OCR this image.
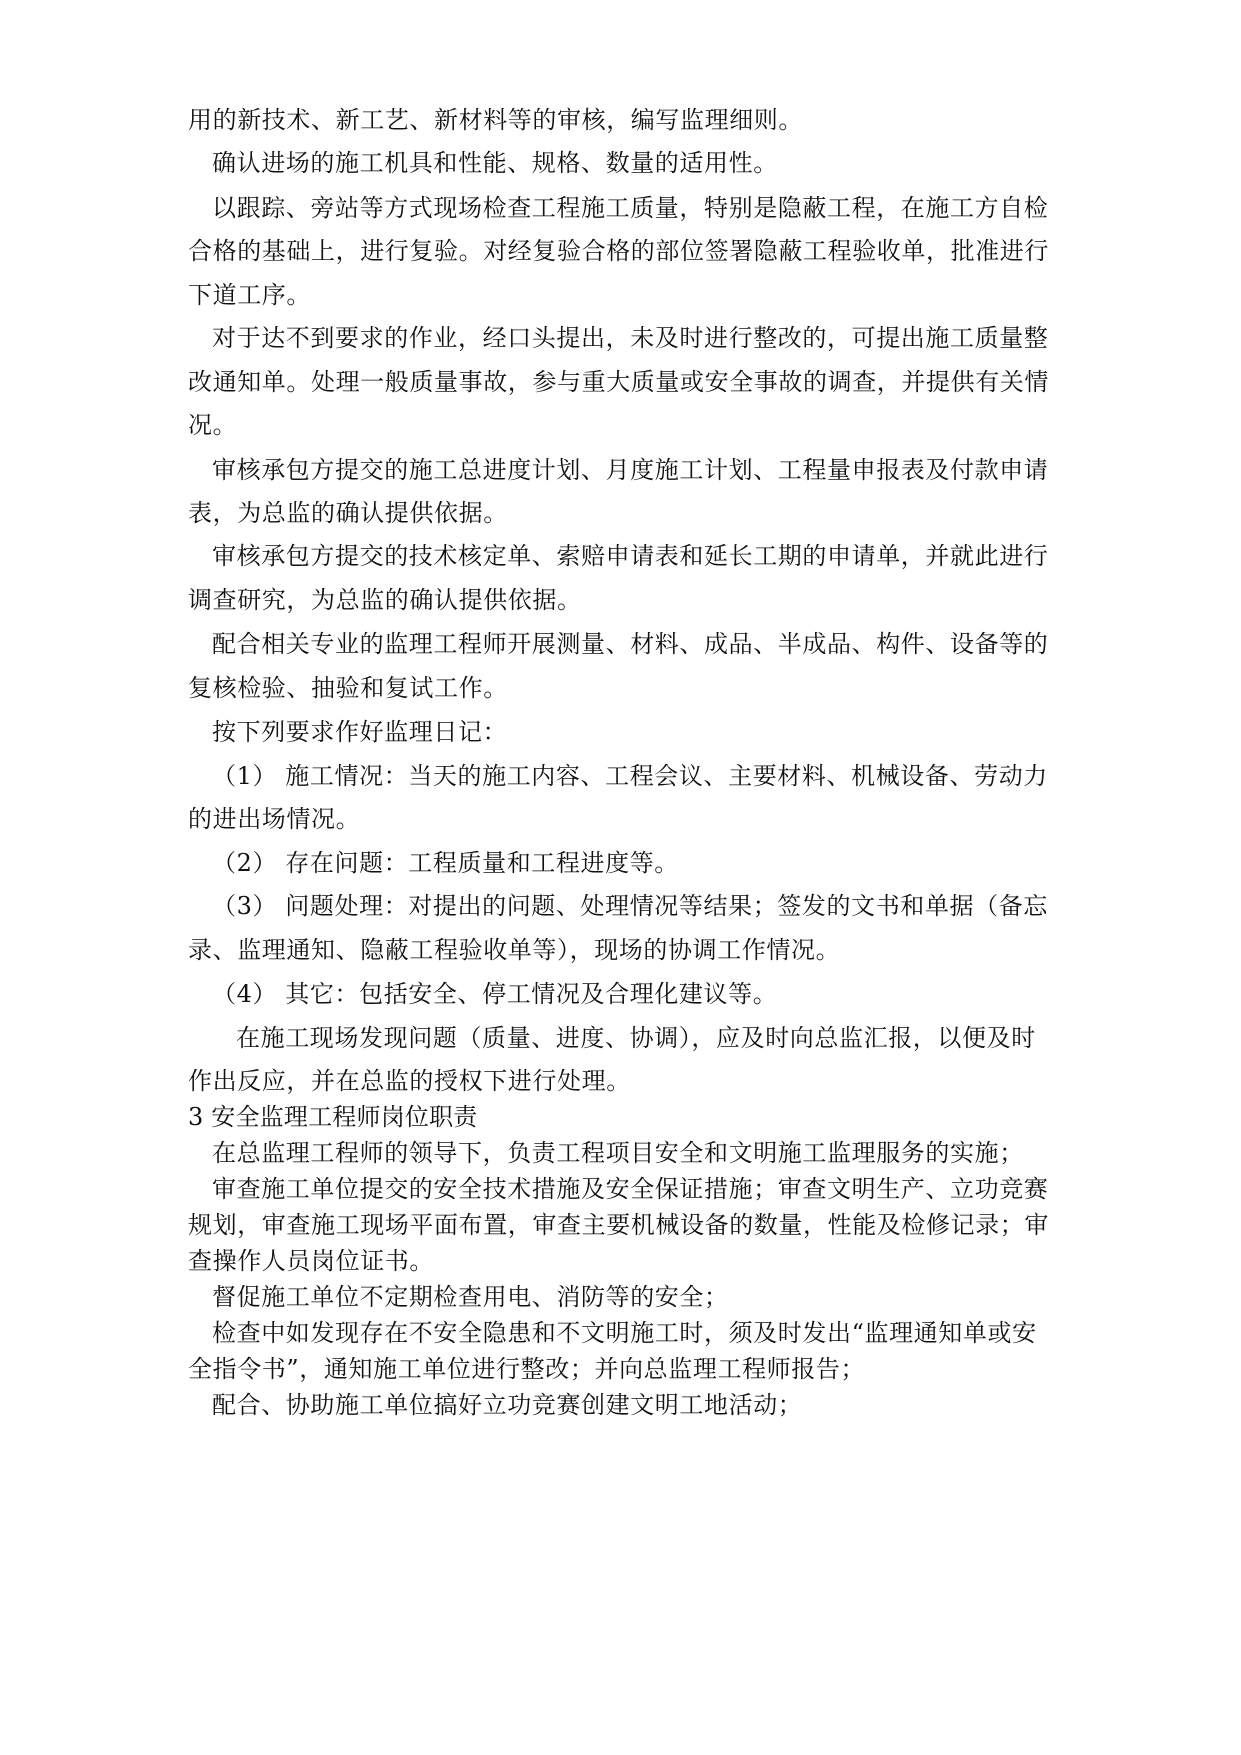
用的新技术、新工艺、新材料等的审核，编写监理细则。
确认进场的施工机具和性能、规格、数量的适用性。
以跟踪、旁站等方式现场检查工程施工质量，特别是隐蔽工程，在施工方自检
合格的基础上，进行复验。对经复验合格的部位签署隐蔽工程验收单，批准进行
下道工序。
对于达不到要求的作业，经口头提出，未及时进行整改的，可提出施工质量整
改通知单。处理一般质量事故，参与重大质量或安全事故的调查，并提供有关情
况。
审核承包方提交的施工总进度计划、月度施工计划、工程量申报表及付款申请
表，为总监的确认提供依据。
审核承包方提交的技术核定单、索赔申请表和延长工期的申请单，并就此进行
调查研究，为总监的确认提供依据。
配合相关专业的监理工程师开展测量、材料、成品、半成品、构件、设备等的
复核检验、抽验和复试工作。
按下列要求作好监理日记：
（1） 施工情况：当天的施工内容、工程会议、主要材料、机械设备、劳动力
的进出场情况。
（2） 存在问题：工程质量和工程进度等。
（3） 问题处理：对提出的问题、处理情况等结果；签发的文书和单据（备忘
录、监理通知、隐蔽工程验收单等），现场的协调工作情况。
（4） 其它：包括安全、停工情况及合理化建议等。
在施工现场发现问题（质量、进度、协调），应及时向总监汇报，以便及时
作出反应，并在总监的授权下进行处理。
3 安全监理工程师岗位职责
在总监理工程师的领导下，负责工程项目安全和文明施工监理服务的实施；
审查施工单位提交的安全技术措施及安全保证措施；审查文明生产、立功竞赛
规划，审查施工现场平面布置，审查主要机械设备的数量，性能及检修记录；审
查操作人员岗位证书。
督促施工单位不定期检查用电、消防等的安全；
检查中如发现存在不安全隐患和不文明施工时，须及时发出“监理通知单或安
全指令书”，通知施工单位进行整改；并向总监理工程师报告；
配合、协助施工单位搞好立功竞赛创建文明工地活动；
